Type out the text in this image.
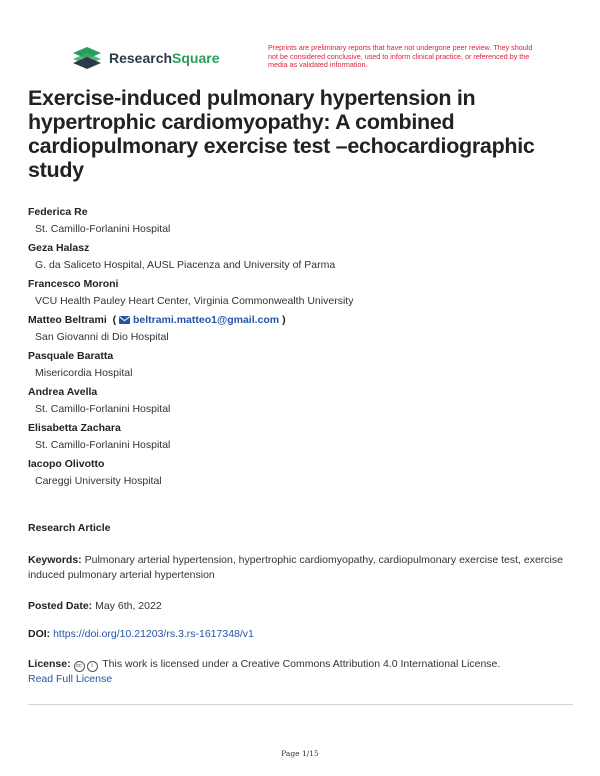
ResearchSquare
Preprints are preliminary reports that have not undergone peer review. They should not be considered conclusive, used to inform clinical practice, or referenced by the media as validated information.
Exercise-induced pulmonary hypertension in hypertrophic cardiomyopathy: A combined cardiopulmonary exercise test –echocardiographic study
Federica Re
St. Camillo-Forlanini Hospital
Geza Halasz
G. da Saliceto Hospital, AUSL Piacenza and University of Parma
Francesco Moroni
VCU Health Pauley Heart Center, Virginia Commonwealth University
Matteo Beltrami  ( beltrami.matteo1@gmail.com )
San Giovanni di Dio Hospital
Pasquale Baratta
Misericordia Hospital
Andrea Avella
St. Camillo-Forlanini Hospital
Elisabetta Zachara
St. Camillo-Forlanini Hospital
Iacopo Olivotto
Careggi University Hospital
Research Article
Keywords: Pulmonary arterial hypertension, hypertrophic cardiomyopathy, cardiopulmonary exercise test, exercise induced pulmonary arterial hypertension
Posted Date: May 6th, 2022
DOI: https://doi.org/10.21203/rs.3.rs-1617348/v1
License: cc i This work is licensed under a Creative Commons Attribution 4.0 International License.
Read Full License
Page 1/15
